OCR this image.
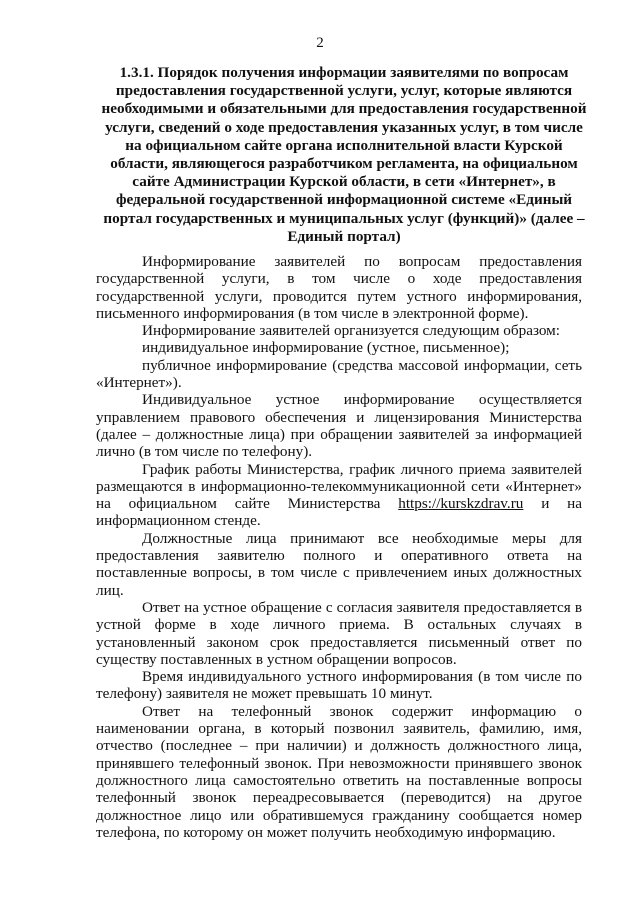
2
1.3.1. Порядок получения информации заявителями по вопросам предоставления государственной услуги, услуг, которые являются необходимыми и обязательными для предоставления государственной услуги, сведений о ходе предоставления указанных услуг, в том числе на официальном сайте органа исполнительной власти Курской области, являющегося разработчиком регламента, на официальном сайте Администрации Курской области, в сети «Интернет», в федеральной государственной информационной системе «Единый портал государственных и муниципальных услуг (функций)» (далее – Единый портал)

Информирование заявителей по вопросам предоставления государственной услуги, в том числе о ходе предоставления государственной услуги, проводится путем устного информирования, письменного информирования (в том числе в электронной форме).

Информирование заявителей организуется следующим образом:

индивидуальное информирование (устное, письменное);

публичное информирование (средства массовой информации, сеть «Интернет»).

Индивидуальное устное информирование осуществляется управлением правового обеспечения и лицензирования Министерства (далее – должностные лица) при обращении заявителей за информацией лично (в том числе по телефону).

График работы Министерства, график личного приема заявителей размещаются в информационно-телекоммуникационной сети «Интернет» на официальном сайте Министерства https://kurskzdrav.ru и на информационном стенде.

Должностные лица принимают все необходимые меры для предоставления заявителю полного и оперативного ответа на поставленные вопросы, в том числе с привлечением иных должностных лиц.

Ответ на устное обращение с согласия заявителя предоставляется в устной форме в ходе личного приема. В остальных случаях в установленный законом срок предоставляется письменный ответ по существу поставленных в устном обращении вопросов.

Время индивидуального устного информирования (в том числе по телефону) заявителя не может превышать 10 минут.

Ответ на телефонный звонок содержит информацию о наименовании органа, в который позвонил заявитель, фамилию, имя, отчество (последнее – при наличии) и должность должностного лица, принявшего телефонный звонок. При невозможности принявшего звонок должностного лица самостоятельно ответить на поставленные вопросы телефонный звонок переадресовывается (переводится) на другое должностное лицо или обратившемуся гражданину сообщается номер телефона, по которому он может получить необходимую информацию.
